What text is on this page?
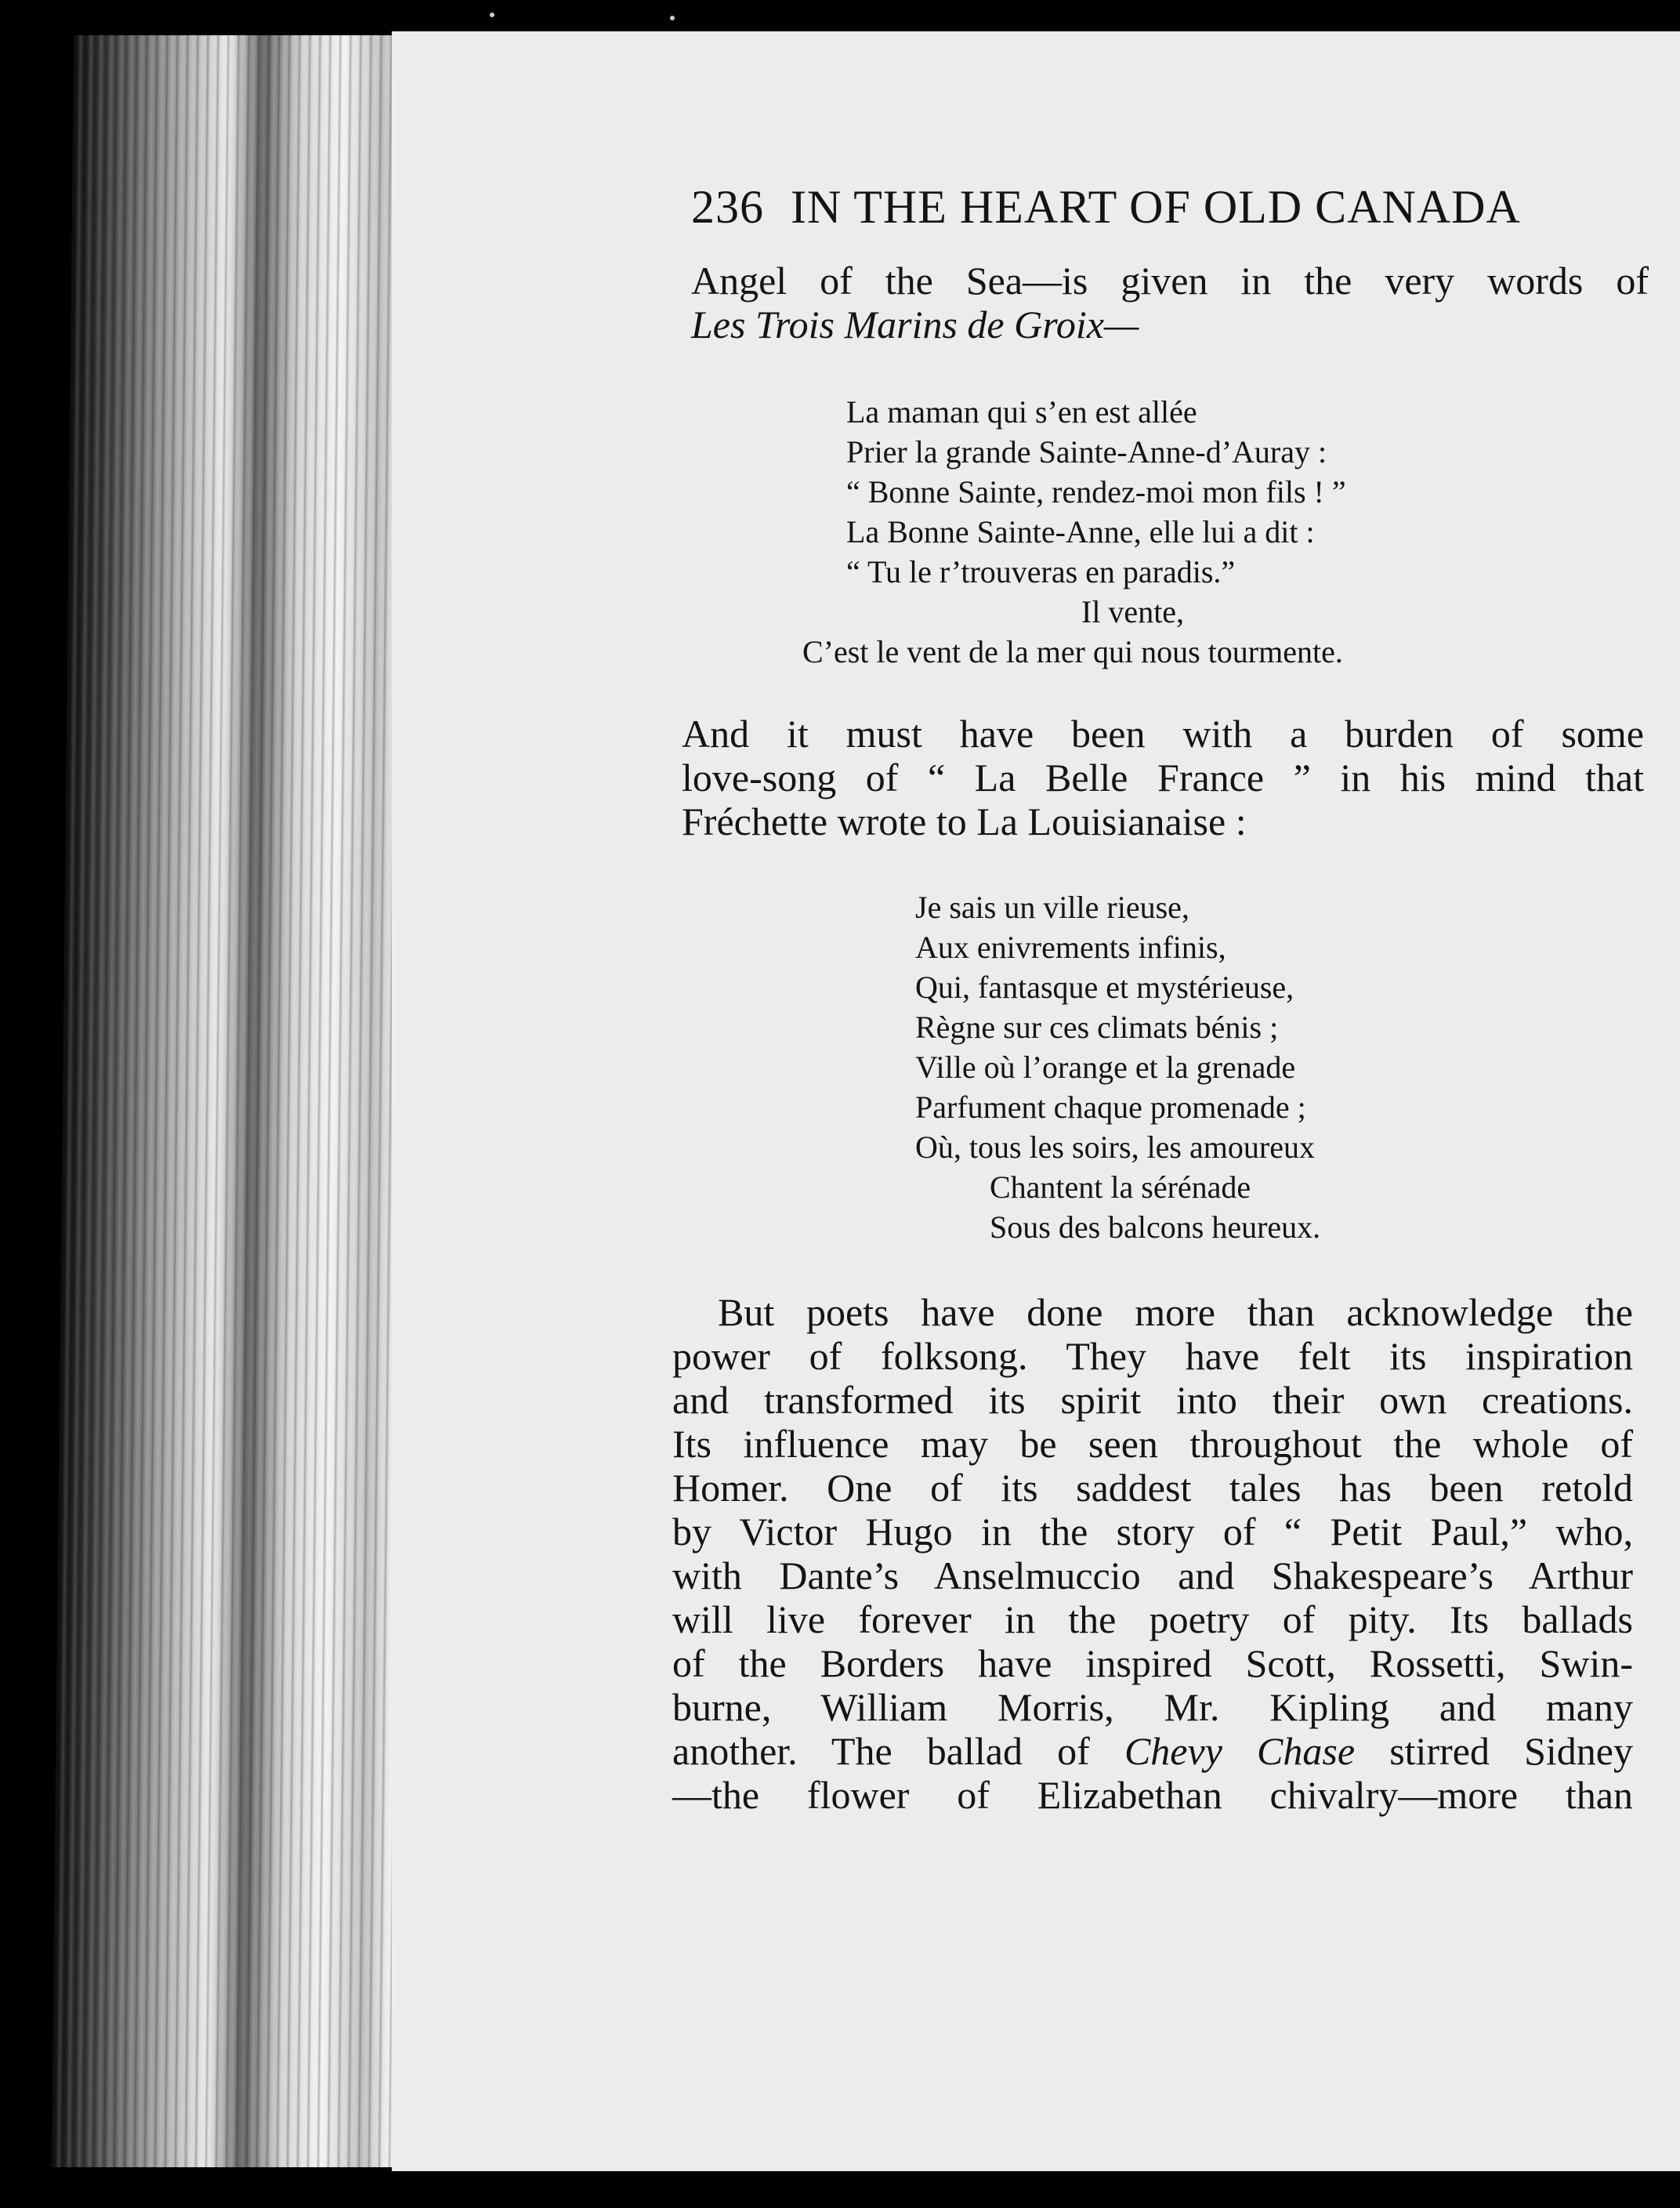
236 IN THE HEART OF OLD CANADA
Angel of the Sea—is given in the very words of
Les Trois Marins de Groix—
La maman qui s’en est allée
Prier la grande Sainte-Anne-d’Auray :
“ Bonne Sainte, rendez-moi mon fils ! ”
La Bonne Sainte-Anne, elle lui a dit :
“ Tu le r’trouveras en paradis.”
Il vente,
C’est le vent de la mer qui nous tourmente.
And it must have been with a burden of some
love-song of “ La Belle France ” in his mind that
Fréchette wrote to La Louisianaise :
Je sais un ville rieuse,
Aux enivrements infinis,
Qui, fantasque et mystérieuse,
Règne sur ces climats bénis ;
Ville où l’orange et la grenade
Parfument chaque promenade ;
Où, tous les soirs, les amoureux
Chantent la sérénade
Sous des balcons heureux.
But poets have done more than acknowledge the
power of folksong. They have felt its inspiration
and transformed its spirit into their own creations.
Its influence may be seen throughout the whole of
Homer. One of its saddest tales has been retold
by Victor Hugo in the story of “ Petit Paul,” who,
with Dante’s Anselmuccio and Shakespeare’s Arthur
will live forever in the poetry of pity. Its ballads
of the Borders have inspired Scott, Rossetti, Swin-
burne, William Morris, Mr. Kipling and many
another. The ballad of Chevy Chase stirred Sidney
—the flower of Elizabethan chivalry—more than
